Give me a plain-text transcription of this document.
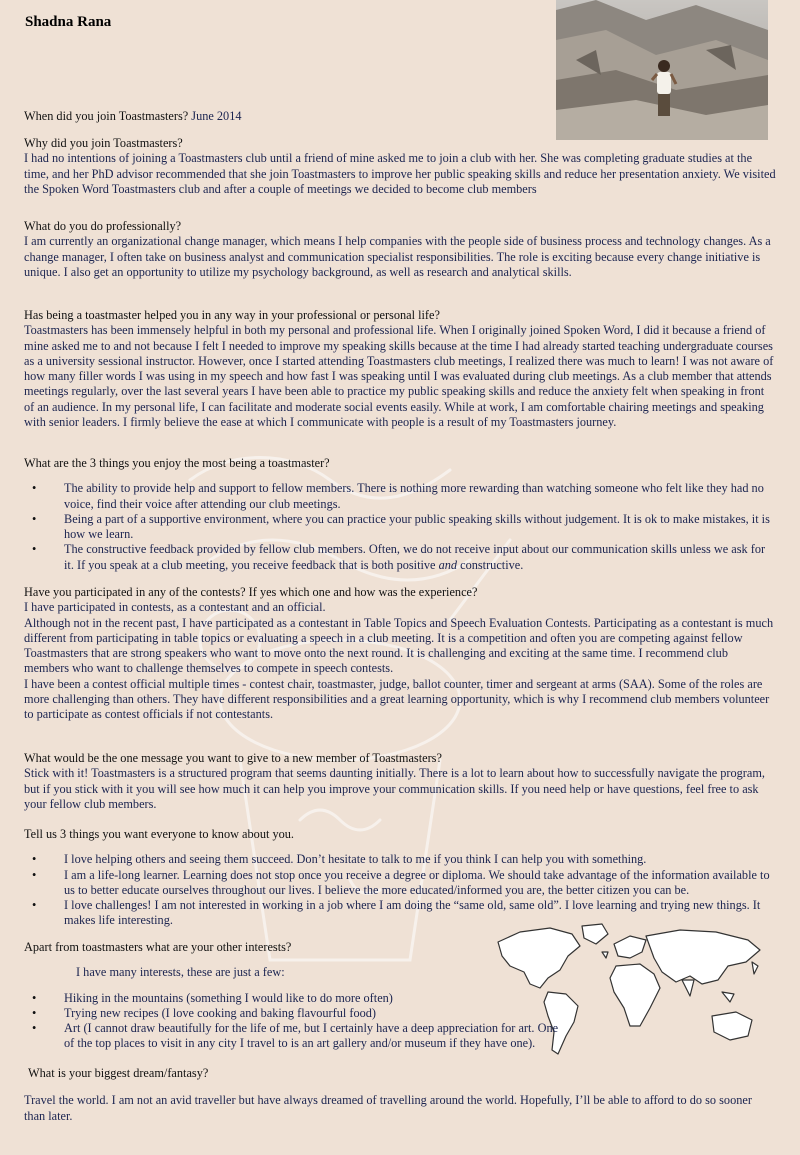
Shadna Rana
When did you join Toastmasters? June 2014

Why did you join Toastmasters?

I had no intentions of joining a Toastmasters club until a friend of mine asked me to join a club with her. She was completing graduate studies at the time, and her PhD advisor recommended that she join Toastmasters to improve her public speaking skills and reduce her presentation anxiety. We visited the Spoken Word Toastmasters club and after a couple of meetings we decided to become club members

What do you do professionally?

I am currently an organizational change manager, which means I help companies with the people side of business process and technology changes. As a change manager, I often take on business analyst and communication specialist responsibilities. The role is exciting because every change initiative is unique. I also get an opportunity to utilize my psychology background, as well as research and analytical skills.

Has being a toastmaster helped you in any way in your professional or personal life?

Toastmasters has been immensely helpful in both my personal and professional life. When I originally joined Spoken Word, I did it because a friend of mine asked me to and not because I felt I needed to improve my speaking skills because at the time I had already started teaching undergraduate courses as a university sessional instructor. However, once I started attending Toastmasters club meetings, I realized there was much to learn! I was not aware of how many filler words I was using in my speech and how fast I was speaking until I was evaluated during club meetings. As a club member that attends meetings regularly, over the last several years I have been able to practice my public speaking skills and reduce the anxiety felt when speaking in front of an audience. In my personal life, I can facilitate and moderate social events easily. While at work, I am comfortable chairing meetings and speaking with senior leaders. I firmly believe the ease at which I communicate with people is a result of my Toastmasters journey.

What are the 3 things you enjoy the most being a toastmaster?

• The ability to provide help and support to fellow members. There is nothing more rewarding than watching someone who felt like they had no voice, find their voice after attending our club meetings.
• Being a part of a supportive environment, where you can practice your public speaking skills without judgement. It is ok to make mistakes, it is how we learn.
• The constructive feedback provided by fellow club members. Often, we do not receive input about our communication skills unless we ask for it. If you speak at a club meeting, you receive feedback that is both positive and constructive.

Have you participated in any of the contests? If yes which one and how was the experience?

I have participated in contests, as a contestant and an official.

Although not in the recent past, I have participated as a contestant in Table Topics and Speech Evaluation Contests. Participating as a contestant is much different from participating in table topics or evaluating a speech in a club meeting. It is a competition and often you are competing against fellow Toastmasters that are strong speakers who want to move onto the next round. It is challenging and exciting at the same time. I recommend club members who want to challenge themselves to compete in speech contests.

I have been a contest official multiple times - contest chair, toastmaster, judge, ballot counter, timer and sergeant at arms (SAA). Some of the roles are more challenging than others. They have different responsibilities and a great learning opportunity, which is why I recommend club members volunteer to participate as contest officials if not contestants.

What would be the one message you want to give to a new member of Toastmasters?

Stick with it! Toastmasters is a structured program that seems daunting initially. There is a lot to learn about how to successfully navigate the program, but if you stick with it you will see how much it can help you improve your communication skills. If you need help or have questions, feel free to ask your fellow club members.

Tell us 3 things you want everyone to know about you.

• I love helping others and seeing them succeed. Don’t hesitate to talk to me if you think I can help you with something.
• I am a life-long learner. Learning does not stop once you receive a degree or diploma. We should take advantage of the information available to us to better educate ourselves throughout our lives. I believe the more educated/informed you are, the better citizen you can be.
• I love challenges! I am not interested in working in a job where I am doing the “same old, same old”. I love learning and trying new things. It makes life interesting.

Apart from toastmasters what are your other interests?

I have many interests, these are just a few:

• Hiking in the mountains (something I would like to do more often)
• Trying new recipes (I love cooking and baking flavourful food)
• Art (I cannot draw beautifully for the life of me, but I certainly have a deep appreciation for art. One of the top places to visit in any city I travel to is an art gallery and/or museum if they have one).

What is your biggest dream/fantasy?

Travel the world. I am not an avid traveller but have always dreamed of travelling around the world. Hopefully, I’ll be able to afford to do so sooner than later.
